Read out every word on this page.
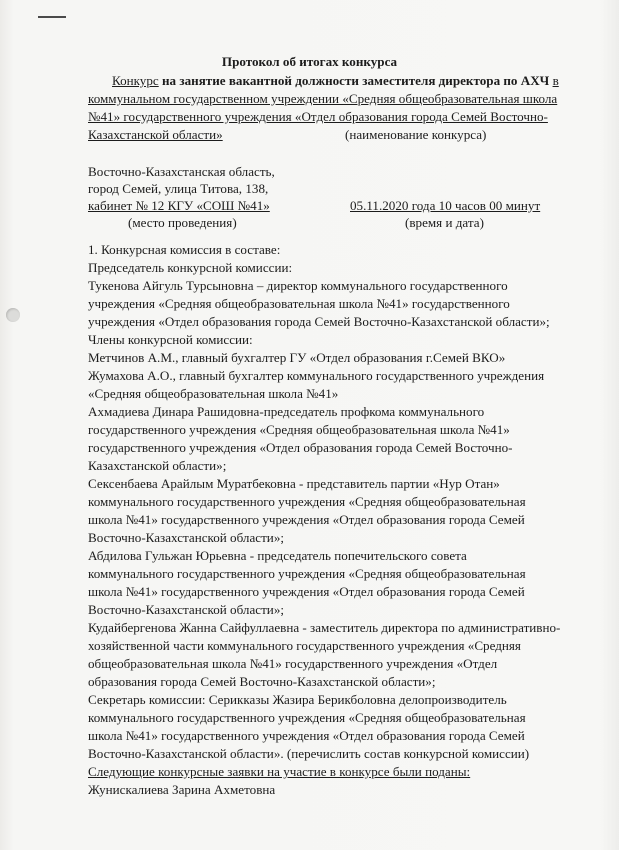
Протокол об итогах конкурса
Конкурс на занятие вакантной должности заместителя директора по АХЧ в
коммунальном государственном учреждении «Средняя общеобразовательная школа
№41» государственного учреждения «Отдел образования города Семей Восточно-
Казахстанской области»	(наименование конкурса)
Восточно-Казахстанская область,
город Семей, улица Титова, 138,
кабинет № 12 КГУ «СОШ №41»	05.11.2020 года 10 часов 00 минут
(место проведения)	(время и дата)
1. Конкурсная комиссия в составе:
Председатель конкурсной комиссии:
Тукенова Айгуль Турсыновна – директор коммунального государственного
учреждения «Средняя общеобразовательная школа №41» государственного
учреждения «Отдел образования города Семей Восточно-Казахстанской области»;
Члены конкурсной комиссии:
Метчинов А.М., главный бухгалтер ГУ «Отдел образования г.Семей ВКО»
Жумахова А.О., главный бухгалтер коммунального государственного учреждения
«Средняя общеобразовательная школа №41»
Ахмадиева Динара Рашидовна-председатель профкома коммунального
государственного учреждения «Средняя общеобразовательная школа №41»
государственного учреждения «Отдел образования города Семей Восточно-
Казахстанской области»;
Сексенбаева Арайлым Муратбековна - представитель партии «Нур Отан»
коммунального государственного учреждения «Средняя общеобразовательная
школа №41» государственного учреждения «Отдел образования города Семей
Восточно-Казахстанской области»;
Абдилова Гульжан Юрьевна - председатель попечительского совета
коммунального государственного учреждения «Средняя общеобразовательная
школа №41» государственного учреждения «Отдел образования города Семей
Восточно-Казахстанской области»;
Кудайбергенова Жанна Сайфуллаевна - заместитель директора по административно-
хозяйственной части коммунального государственного учреждения «Средняя
общеобразовательная школа №41» государственного учреждения «Отдел
образования города Семей Восточно-Казахстанской области»;
Секретарь комиссии: Серикказы Жазира Берикболовна делопроизводитель
коммунального государственного учреждения «Средняя общеобразовательная
школа №41» государственного учреждения «Отдел образования города Семей
Восточно-Казахстанской области». (перечислить состав конкурсной комиссии)
Следующие конкурсные заявки на участие в конкурсе были поданы:
Жунискалиева Зарина Ахметовна
